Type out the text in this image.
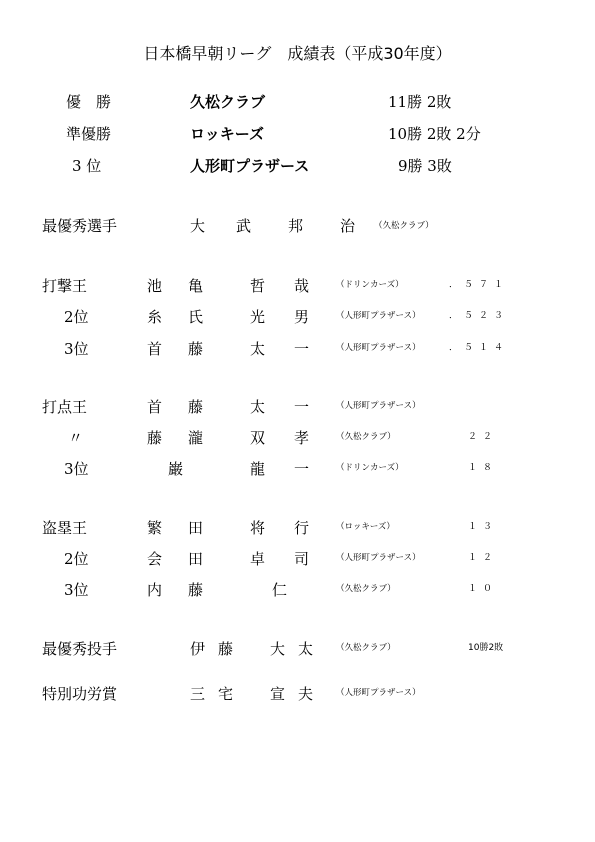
日本橋早朝リーグ　成績表（平成30年度）
優　勝	久松クラブ	11勝 2敗
準優勝	ロッキーズ	10勝 2敗 2分
3 位	人形町プラザース	9勝 3敗
最優秀選手	大 武 邦 治 （久松クラブ）
打撃王	池 亀	哲 哉	（ドリンカーズ）	．５７１
2位	糸 氏	光 男	（人形町プラザース）	．５２３
3位	首 藤	太 一	（人形町プラザース）	．５１４
打点王	首 藤	太 一	（人形町プラザース）
〃	藤 瀧	双 孝	（久松クラブ）	２２
3位	巌	龍 一	（ドリンカーズ）	１８
盗塁王	繁 田	将 行	（ロッキーズ）	１３
2位	会 田	卓 司	（人形町プラザース）	１２
3位	内 藤	仁	（久松クラブ）	１０
最優秀投手	伊 藤 大 太	（久松クラブ）	10勝2敗
特別功労賞	三 宅 宣 夫	（人形町プラザース）
